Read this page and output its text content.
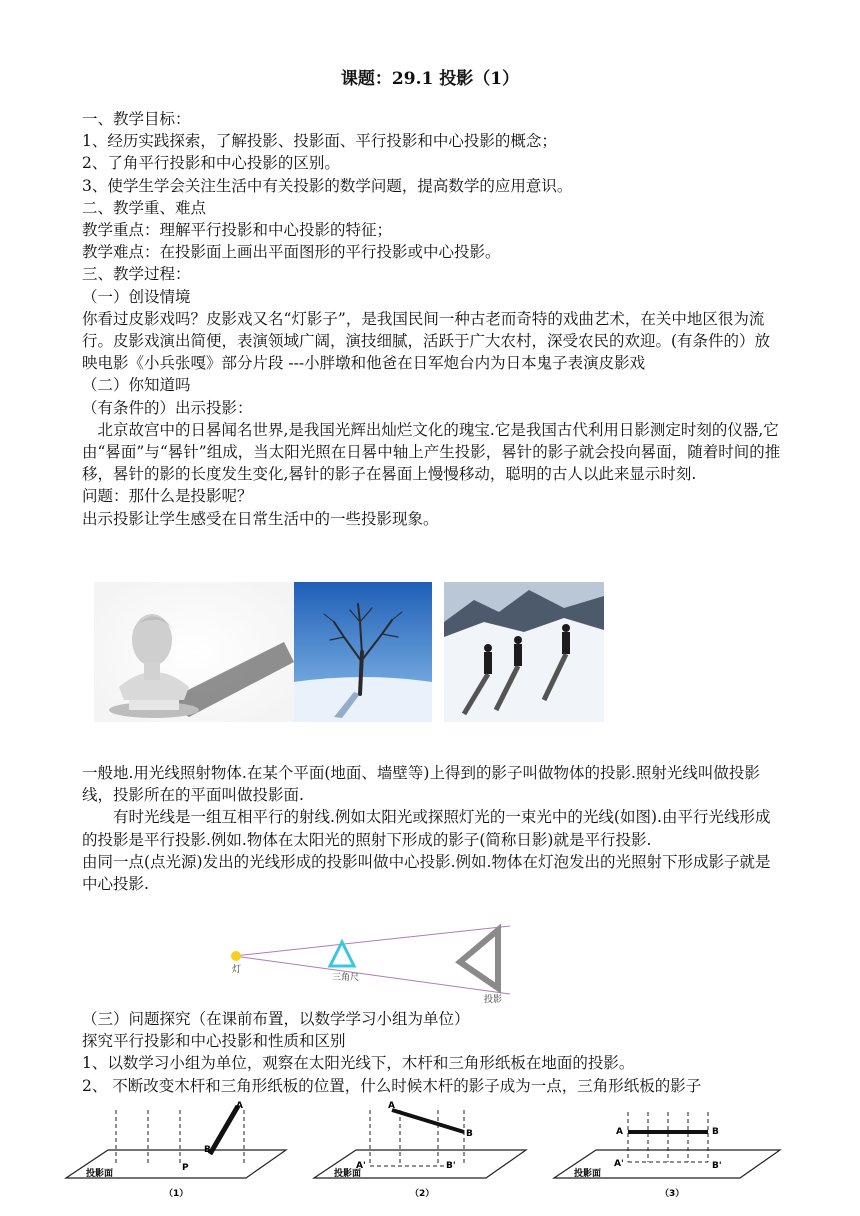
课题：29.1 投影（1）

一、教学目标：

1、经历实践探索，了解投影、投影面、平行投影和中心投影的概念；

2、了角平行投影和中心投影的区别。

3、使学生学会关注生活中有关投影的数学问题，提高数学的应用意识。

二、教学重、难点

教学重点：理解平行投影和中心投影的特征；

教学难点：在投影面上画出平面图形的平行投影或中心投影。

三、教学过程：

（一）创设情境

你看过皮影戏吗？皮影戏又名“灯影子”，是我国民间一种古老而奇特的戏曲艺术，在关中地区很为流行。皮影戏演出简便，表演领域广阔，演技细腻，活跃于广大农村，深受农民的欢迎。(有条件的）放映电影《小兵张嘎》部分片段 ---小胖墩和他爸在日军炮台内为日本鬼子表演皮影戏

（二）你知道吗

（有条件的）出示投影：

北京故宫中的日晷闻名世界,是我国光辉出灿烂文化的瑰宝.它是我国古代利用日影测定时刻的仪器,它由“晷面”与“晷针”组成，当太阳光照在日晷中轴上产生投影，晷针的影子就会投向晷面，随着时间的推移，晷针的影的长度发生变化,晷针的影子在晷面上慢慢移动，聪明的古人以此来显示时刻.

问题：那什么是投影呢？

出示投影让学生感受在日常生活中的一些投影现象。

一般地.用光线照射物体.在某个平面(地面、墙壁等)上得到的影子叫做物体的投影.照射光线叫做投影线，投影所在的平面叫做投影面.

有时光线是一组互相平行的射线.例如太阳光或探照灯光的一束光中的光线(如图).由平行光线形成的投影是平行投影.例如.物体在太阳光的照射下形成的影子(简称日影)就是平行投影.

由同一点(点光源)发出的光线形成的投影叫做中心投影.例如.物体在灯泡发出的光照射下形成影子就是中心投影.

灯
三角尺
投影

（三）问题探究（在课前布置，以数学学习小组为单位）

探究平行投影和中心投影和性质和区别

1、以数学习小组为单位，观察在太阳光线下，木杆和三角形纸板在地面的投影。

2、 不断改变木杆和三角形纸板的位置，什么时候木杆的影子成为一点，三角形纸板的影子

A
B
P
投影面
（1）
A
B
A'	B'
投影面
（2）
A	B
A'	B'
投影面
（3）
